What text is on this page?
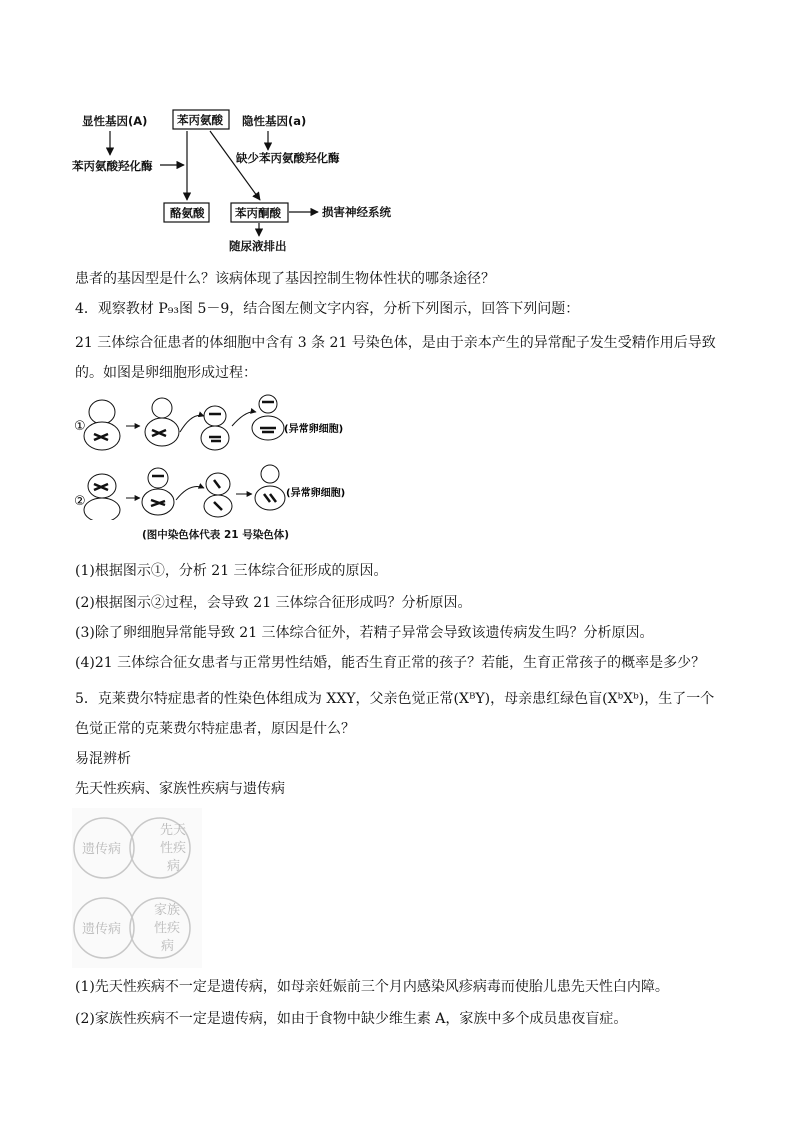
显性基因(A)	苯丙氨酸 隐性基因(a)
缺少苯丙氨酸羟化酶
苯丙氨酸羟化酶
酪氨酸	苯丙酮酸	损害神经系统
随尿液排出

患者的基因型是什么？该病体现了基因控制生物体性状的哪条途径？

4．观察教材 P₉₃图 5－9，结合图左侧文字内容，分析下列图示，回答下列问题：

21 三体综合征患者的体细胞中含有 3 条 21 号染色体，是由于亲本产生的异常配子发生受精作用后导致的。如图是卵细胞形成过程：

①	(异常卵细胞)
②
(异常卵细胞)

(图中染色体代表 21 号染色体)

(1)根据图示①，分析 21 三体综合征形成的原因。

(2)根据图示②过程，会导致 21 三体综合征形成吗？分析原因。

(3)除了卵细胞异常能导致 21 三体综合征外，若精子异常会导致该遗传病发生吗？分析原因。

(4)21 三体综合征女患者与正常男性结婚，能否生育正常的孩子？若能，生育正常孩子的概率是多少？

5．克莱费尔特症患者的性染色体组成为 XXY，父亲色觉正常(XᴮY)，母亲患红绿色盲(XᵇXᵇ)，生了一个色觉正常的克莱费尔特症患者，原因是什么？

易混辨析

先天性疾病、家族性疾病与遗传病

遗传病
先天
性疾
病
遗传病
家族
性疾
病

(1)先天性疾病不一定是遗传病，如母亲妊娠前三个月内感染风疹病毒而使胎儿患先天性白内障。

(2)家族性疾病不一定是遗传病，如由于食物中缺少维生素 A，家族中多个成员患夜盲症。
